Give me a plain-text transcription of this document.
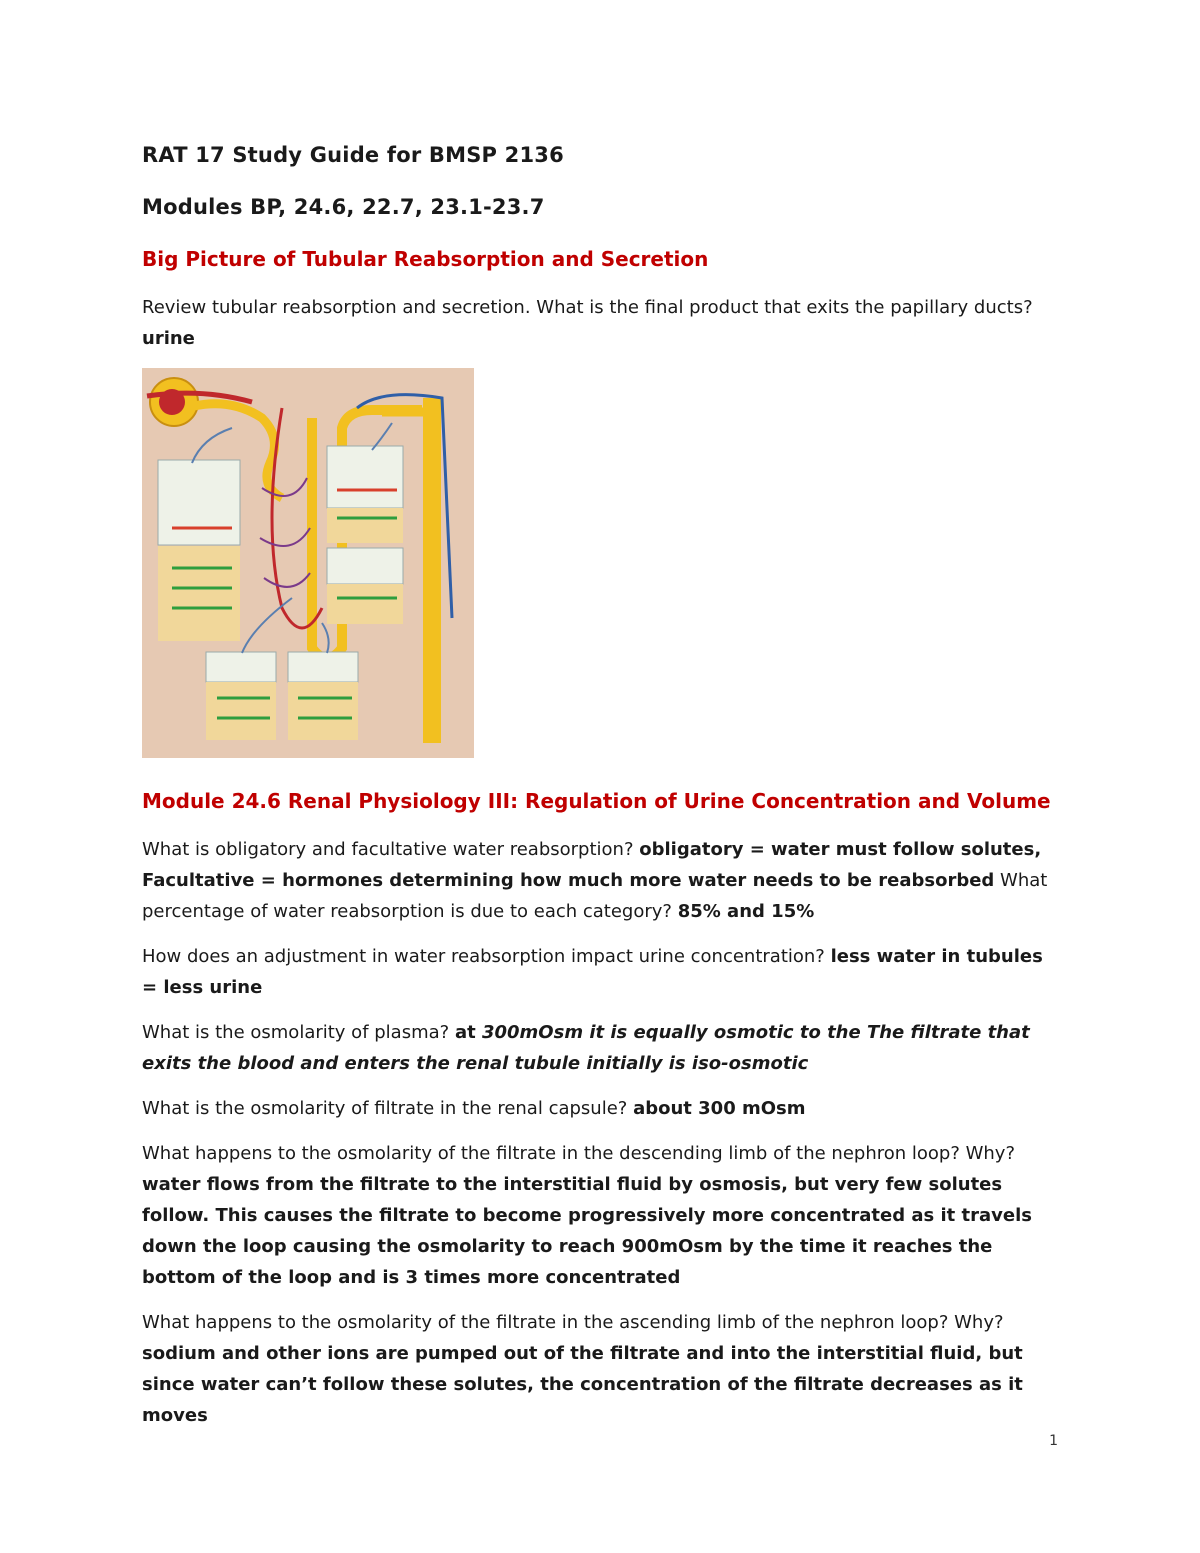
RAT 17 Study Guide for BMSP 2136
Modules BP, 24.6, 22.7, 23.1-23.7
Big Picture of Tubular Reabsorption and Secretion

Review tubular reabsorption and secretion. What is the final product that exits the papillary ducts? urine

Module 24.6 Renal Physiology III: Regulation of Urine Concentration and Volume

What is obligatory and facultative water reabsorption? obligatory = water must follow solutes, Facultative = hormones determining how much more water needs to be reabsorbed What percentage of water reabsorption is due to each category? 85% and 15%

How does an adjustment in water reabsorption impact urine concentration? less water in tubules = less urine

What is the osmolarity of plasma? at 300mOsm it is equally osmotic to the The filtrate that exits the blood and enters the renal tubule initially is iso-osmotic

What is the osmolarity of filtrate in the renal capsule? about 300 mOsm

What happens to the osmolarity of the filtrate in the descending limb of the nephron loop? Why? water flows from the filtrate to the interstitial fluid by osmosis, but very few solutes follow. This causes the filtrate to become progressively more concentrated as it travels down the loop causing the osmolarity to reach 900mOsm by the time it reaches the bottom of the loop and is 3 times more concentrated

What happens to the osmolarity of the filtrate in the ascending limb of the nephron loop? Why? sodium and other ions are pumped out of the filtrate and into the interstitial fluid, but since water can’t follow these solutes, the concentration of the filtrate decreases as it moves

1
